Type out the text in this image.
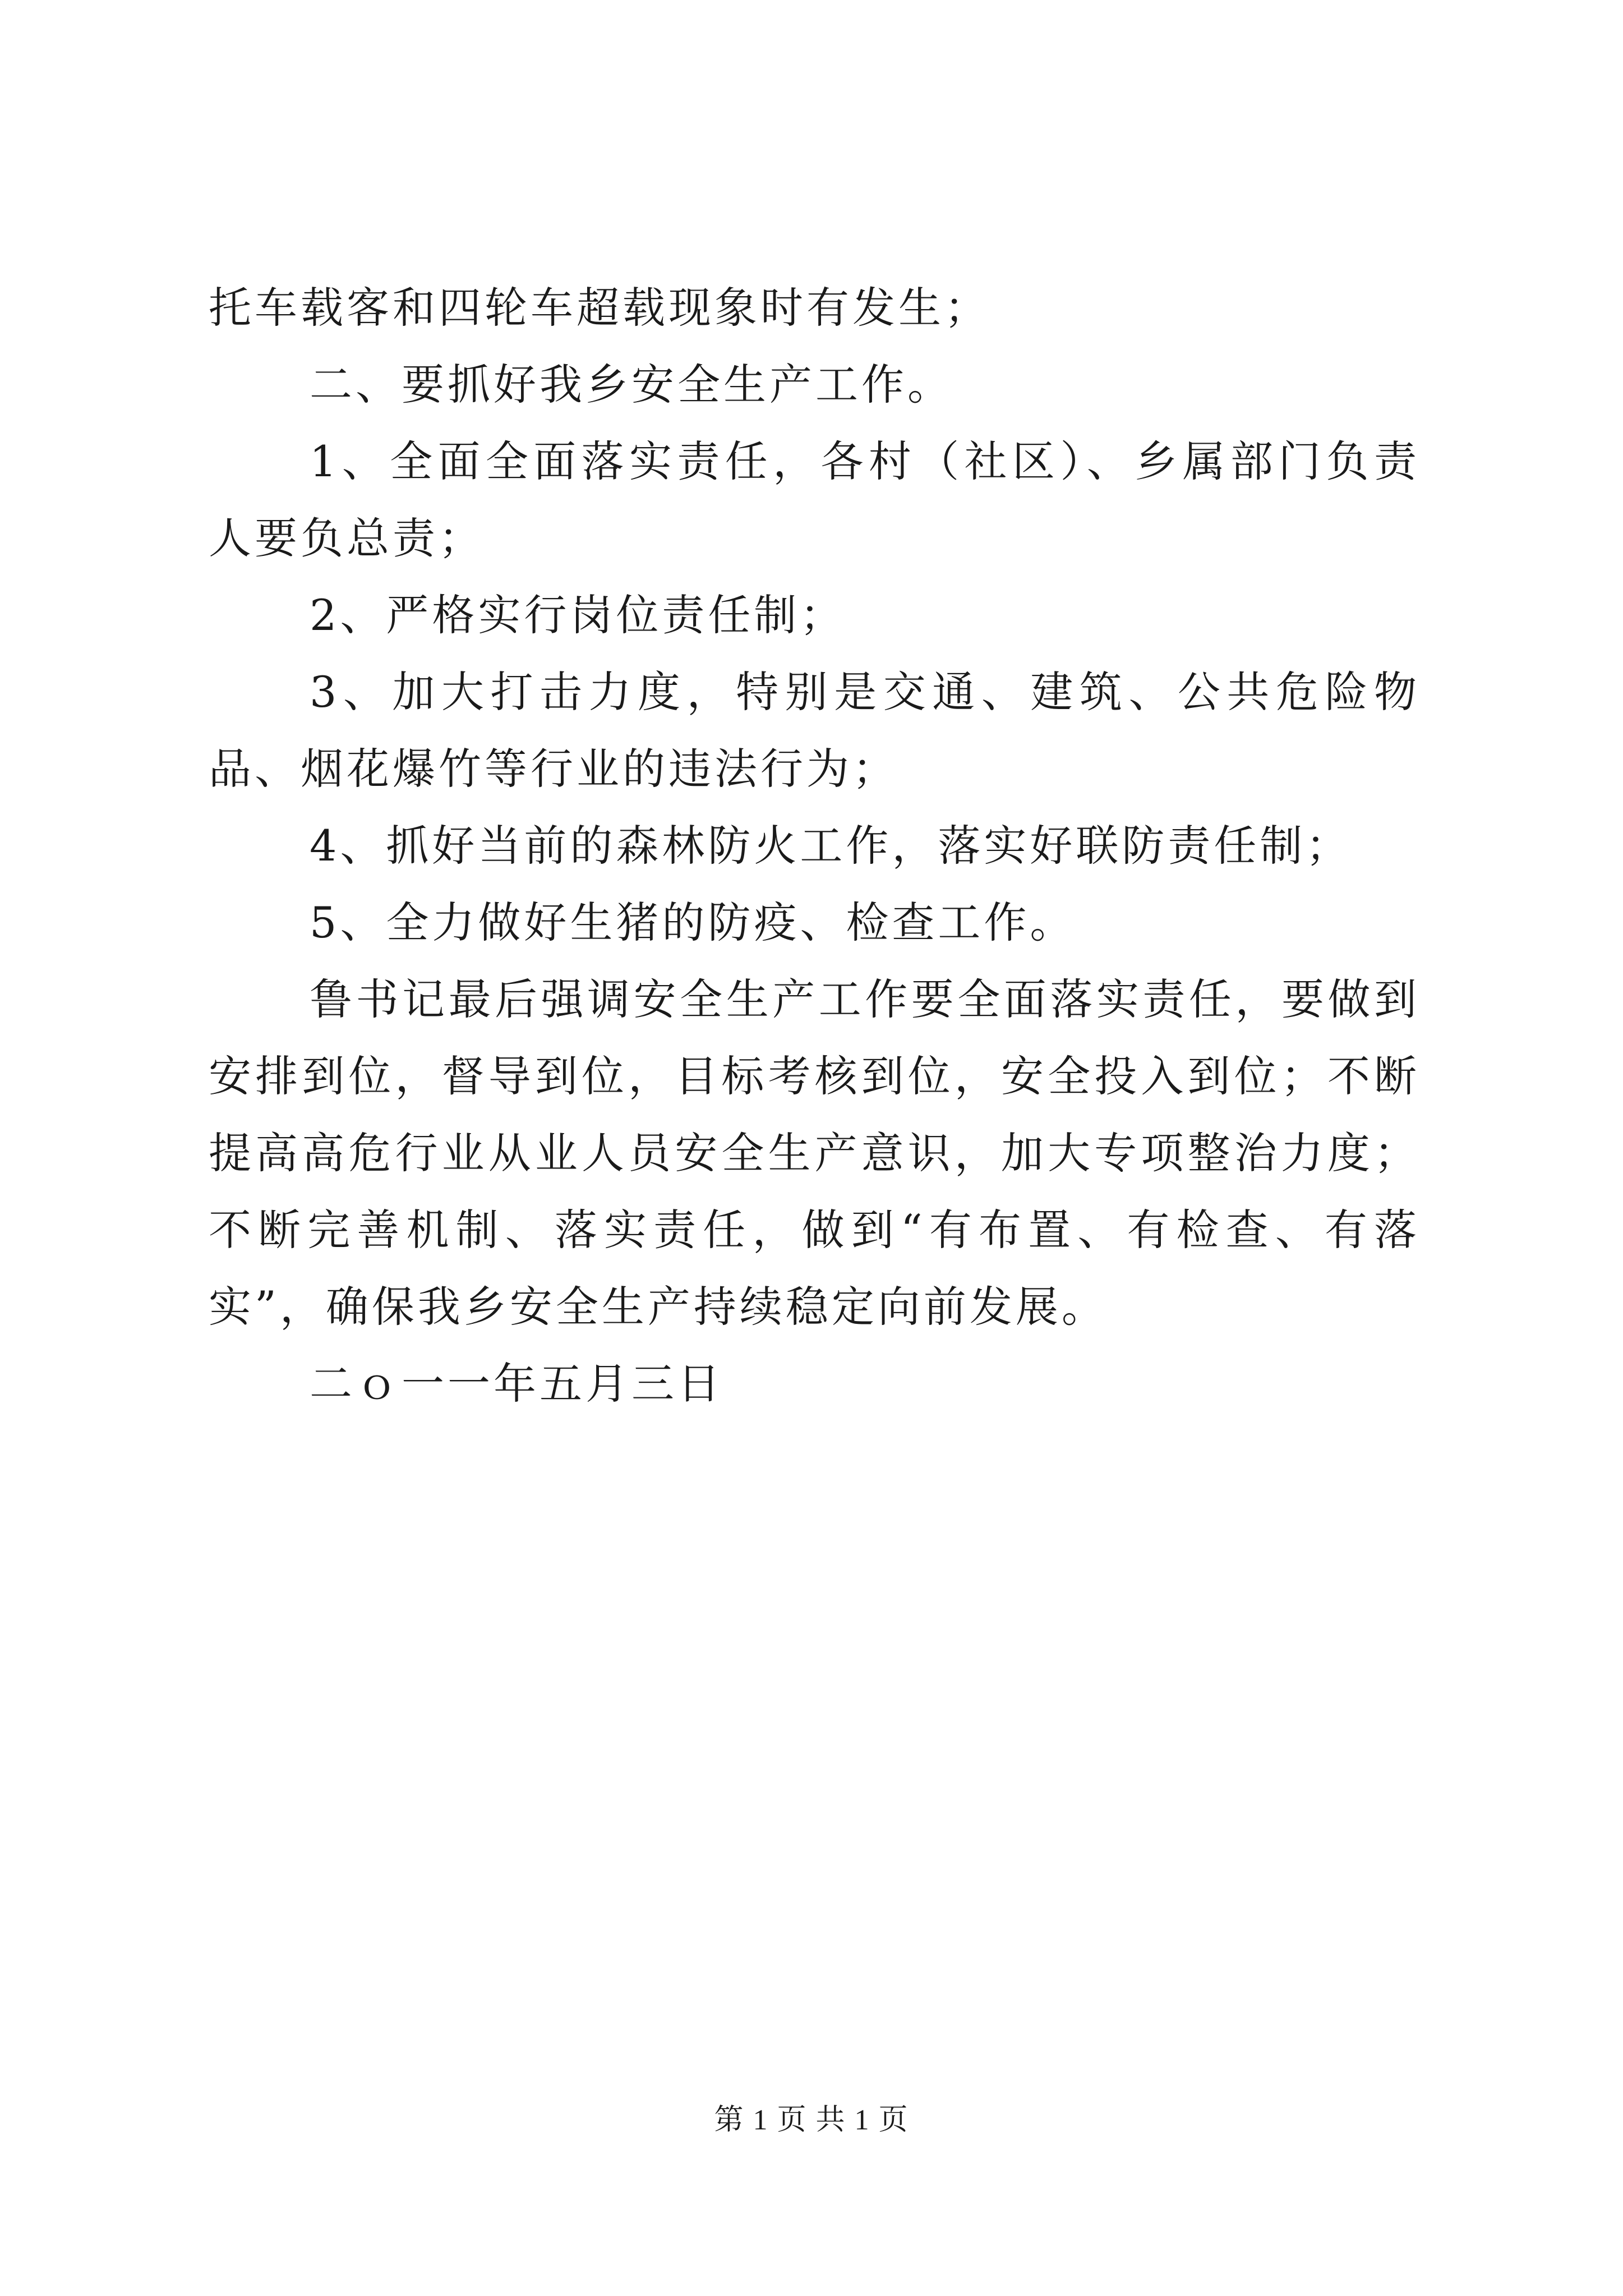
托车载客和四轮车超载现象时有发生；

二、要抓好我乡安全生产工作。

1、全面全面落实责任，各村（社区）、乡属部门负责人要负总责；

2、严格实行岗位责任制；

3、加大打击力度，特别是交通、建筑、公共危险物品、烟花爆竹等行业的违法行为；

4、抓好当前的森林防火工作，落实好联防责任制；

5、全力做好生猪的防疫、检查工作。

鲁书记最后强调安全生产工作要全面落实责任，要做到安排到位，督导到位，目标考核到位，安全投入到位；不断提高高危行业从业人员安全生产意识，加大专项整治力度；不断完善机制、落实责任，做到“有布置、有检查、有落实”，确保我乡安全生产持续稳定向前发展。

二ｏ一一年五月三日

第 1 页 共 1 页
